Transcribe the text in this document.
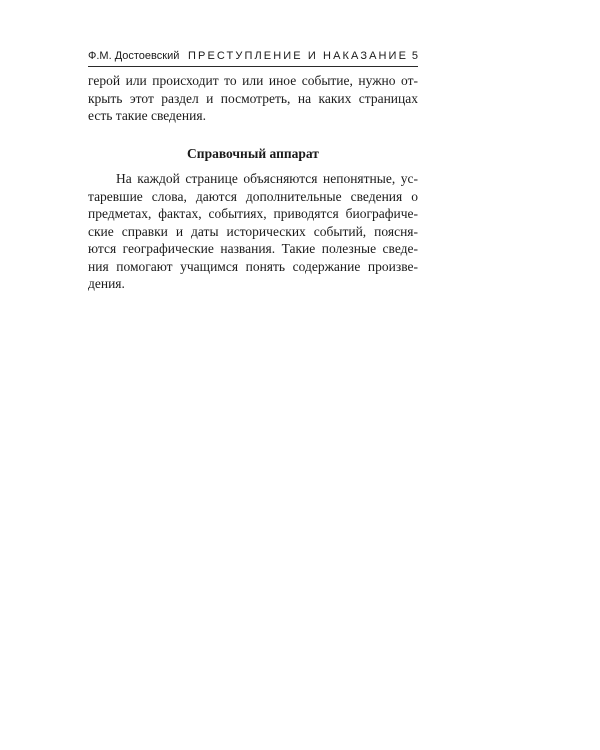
Ф.М. Достоевский ПРЕСТУПЛЕНИЕ И НАКАЗАНИЕ 5
герой или происходит то или иное событие, нужно от-
крыть этот раздел и посмотреть, на каких страницах
есть такие сведения.
Справочный аппарат
На каждой странице объясняются непонятные, ус-
таревшие слова, даются дополнительные сведения о
предметах, фактах, событиях, приводятся биографиче-
ские справки и даты исторических событий, поясня-
ются географические названия. Такие полезные сведе-
ния помогают учащимся понять содержание произве-
дения.
